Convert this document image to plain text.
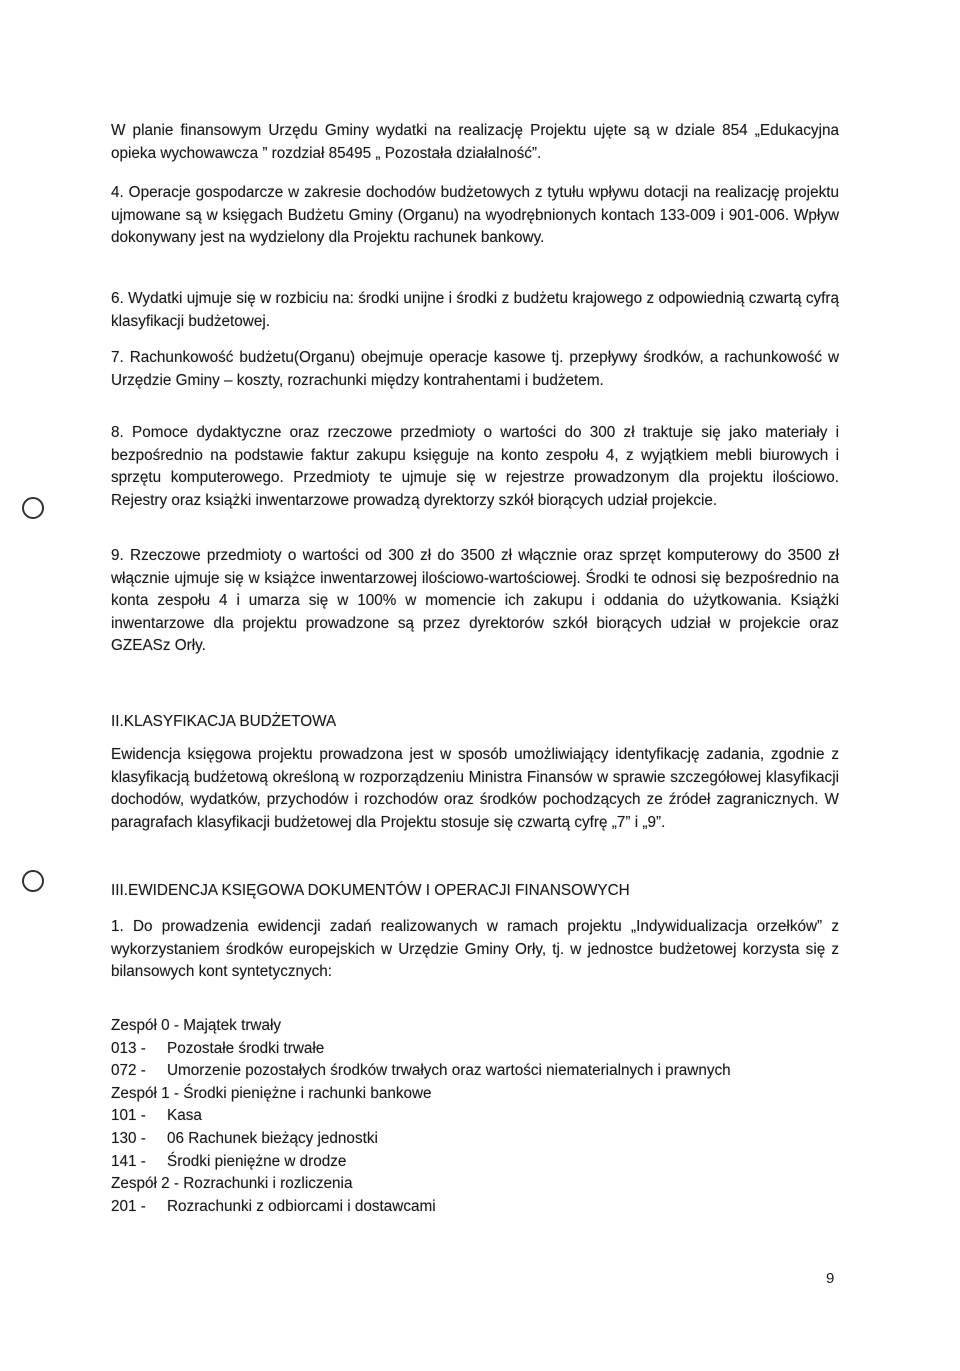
W planie finansowym Urzędu Gminy wydatki na realizację Projektu ujęte są w dziale 854 „Edukacyjna opieka wychowawcza ” rozdział 85495 „ Pozostała działalność”.

4. Operacje gospodarcze w zakresie dochodów budżetowych z tytułu wpływu dotacji na realizację projektu ujmowane są w księgach Budżetu Gminy (Organu) na wyodrębnionych kontach 133-009 i 901-006. Wpływ dokonywany jest na wydzielony dla Projektu rachunek bankowy.

6. Wydatki ujmuje się w rozbiciu na: środki unijne i środki z budżetu krajowego z odpowiednią czwartą cyfrą klasyfikacji budżetowej.

7. Rachunkowość budżetu(Organu) obejmuje operacje kasowe tj. przepływy środków, a rachunkowość w Urzędzie Gminy – koszty, rozrachunki między kontrahentami i budżetem.

8. Pomoce dydaktyczne oraz rzeczowe przedmioty o wartości do 300 zł traktuje się jako materiały i bezpośrednio na podstawie faktur zakupu księguje na konto zespołu 4, z wyjątkiem mebli biurowych i sprzętu komputerowego. Przedmioty te ujmuje się w rejestrze prowadzonym dla projektu ilościowo. Rejestry oraz książki inwentarzowe prowadzą dyrektorzy szkół biorących udział projekcie.

9. Rzeczowe przedmioty o wartości od 300 zł do 3500 zł włącznie oraz sprzęt komputerowy do 3500 zł włącznie ujmuje się w książce inwentarzowej ilościowo-wartościowej. Środki te odnosi się bezpośrednio na konta zespołu 4 i umarza się w 100% w momencie ich zakupu i oddania do użytkowania. Książki inwentarzowe dla projektu prowadzone są przez dyrektorów szkół biorących udział w projekcie oraz GZEASz Orły.

II.KLASYFIKACJA BUDŻETOWA

Ewidencja księgowa projektu prowadzona jest w sposób umożliwiający identyfikację zadania, zgodnie z klasyfikacją budżetową określoną w rozporządzeniu Ministra Finansów w sprawie szczegółowej klasyfikacji dochodów, wydatków, przychodów i rozchodów oraz środków pochodzących ze źródeł zagranicznych. W paragrafach klasyfikacji budżetowej dla Projektu stosuje się czwartą cyfrę „7” i „9”.

III.EWIDENCJA KSIĘGOWA DOKUMENTÓW I OPERACJI FINANSOWYCH

1. Do prowadzenia ewidencji zadań realizowanych w ramach projektu „Indywidualizacja orzełków” z wykorzystaniem środków europejskich w Urzędzie Gminy Orły, tj. w jednostce budżetowej korzysta się z bilansowych kont syntetycznych:

Zespół 0 - Majątek trwały
013 -	Pozostałe środki trwałe
072 -	Umorzenie pozostałych środków trwałych oraz wartości niematerialnych i prawnych
Zespół 1 - Środki pieniężne i rachunki bankowe
101 -	Kasa
130 -	06 Rachunek bieżący jednostki
141 -	Środki pieniężne w drodze
Zespół 2 - Rozrachunki i rozliczenia
201 -	Rozrachunki z odbiorcami i dostawcami
9
